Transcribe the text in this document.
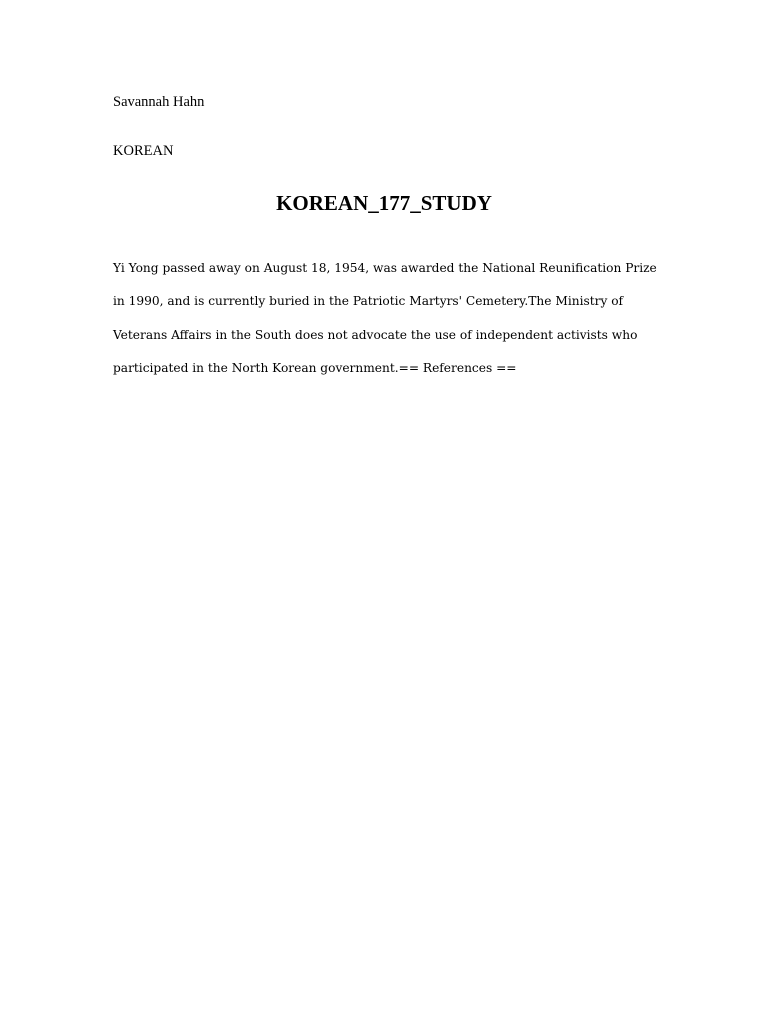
Savannah Hahn

KOREAN

KOREAN_177_STUDY

Yi Yong passed away on August 18, 1954, was awarded the National Reunification Prize in 1990, and is currently buried in the Patriotic Martyrs' Cemetery.The Ministry of Veterans Affairs in the South does not advocate the use of independent activists who participated in the North Korean government.== References ==
